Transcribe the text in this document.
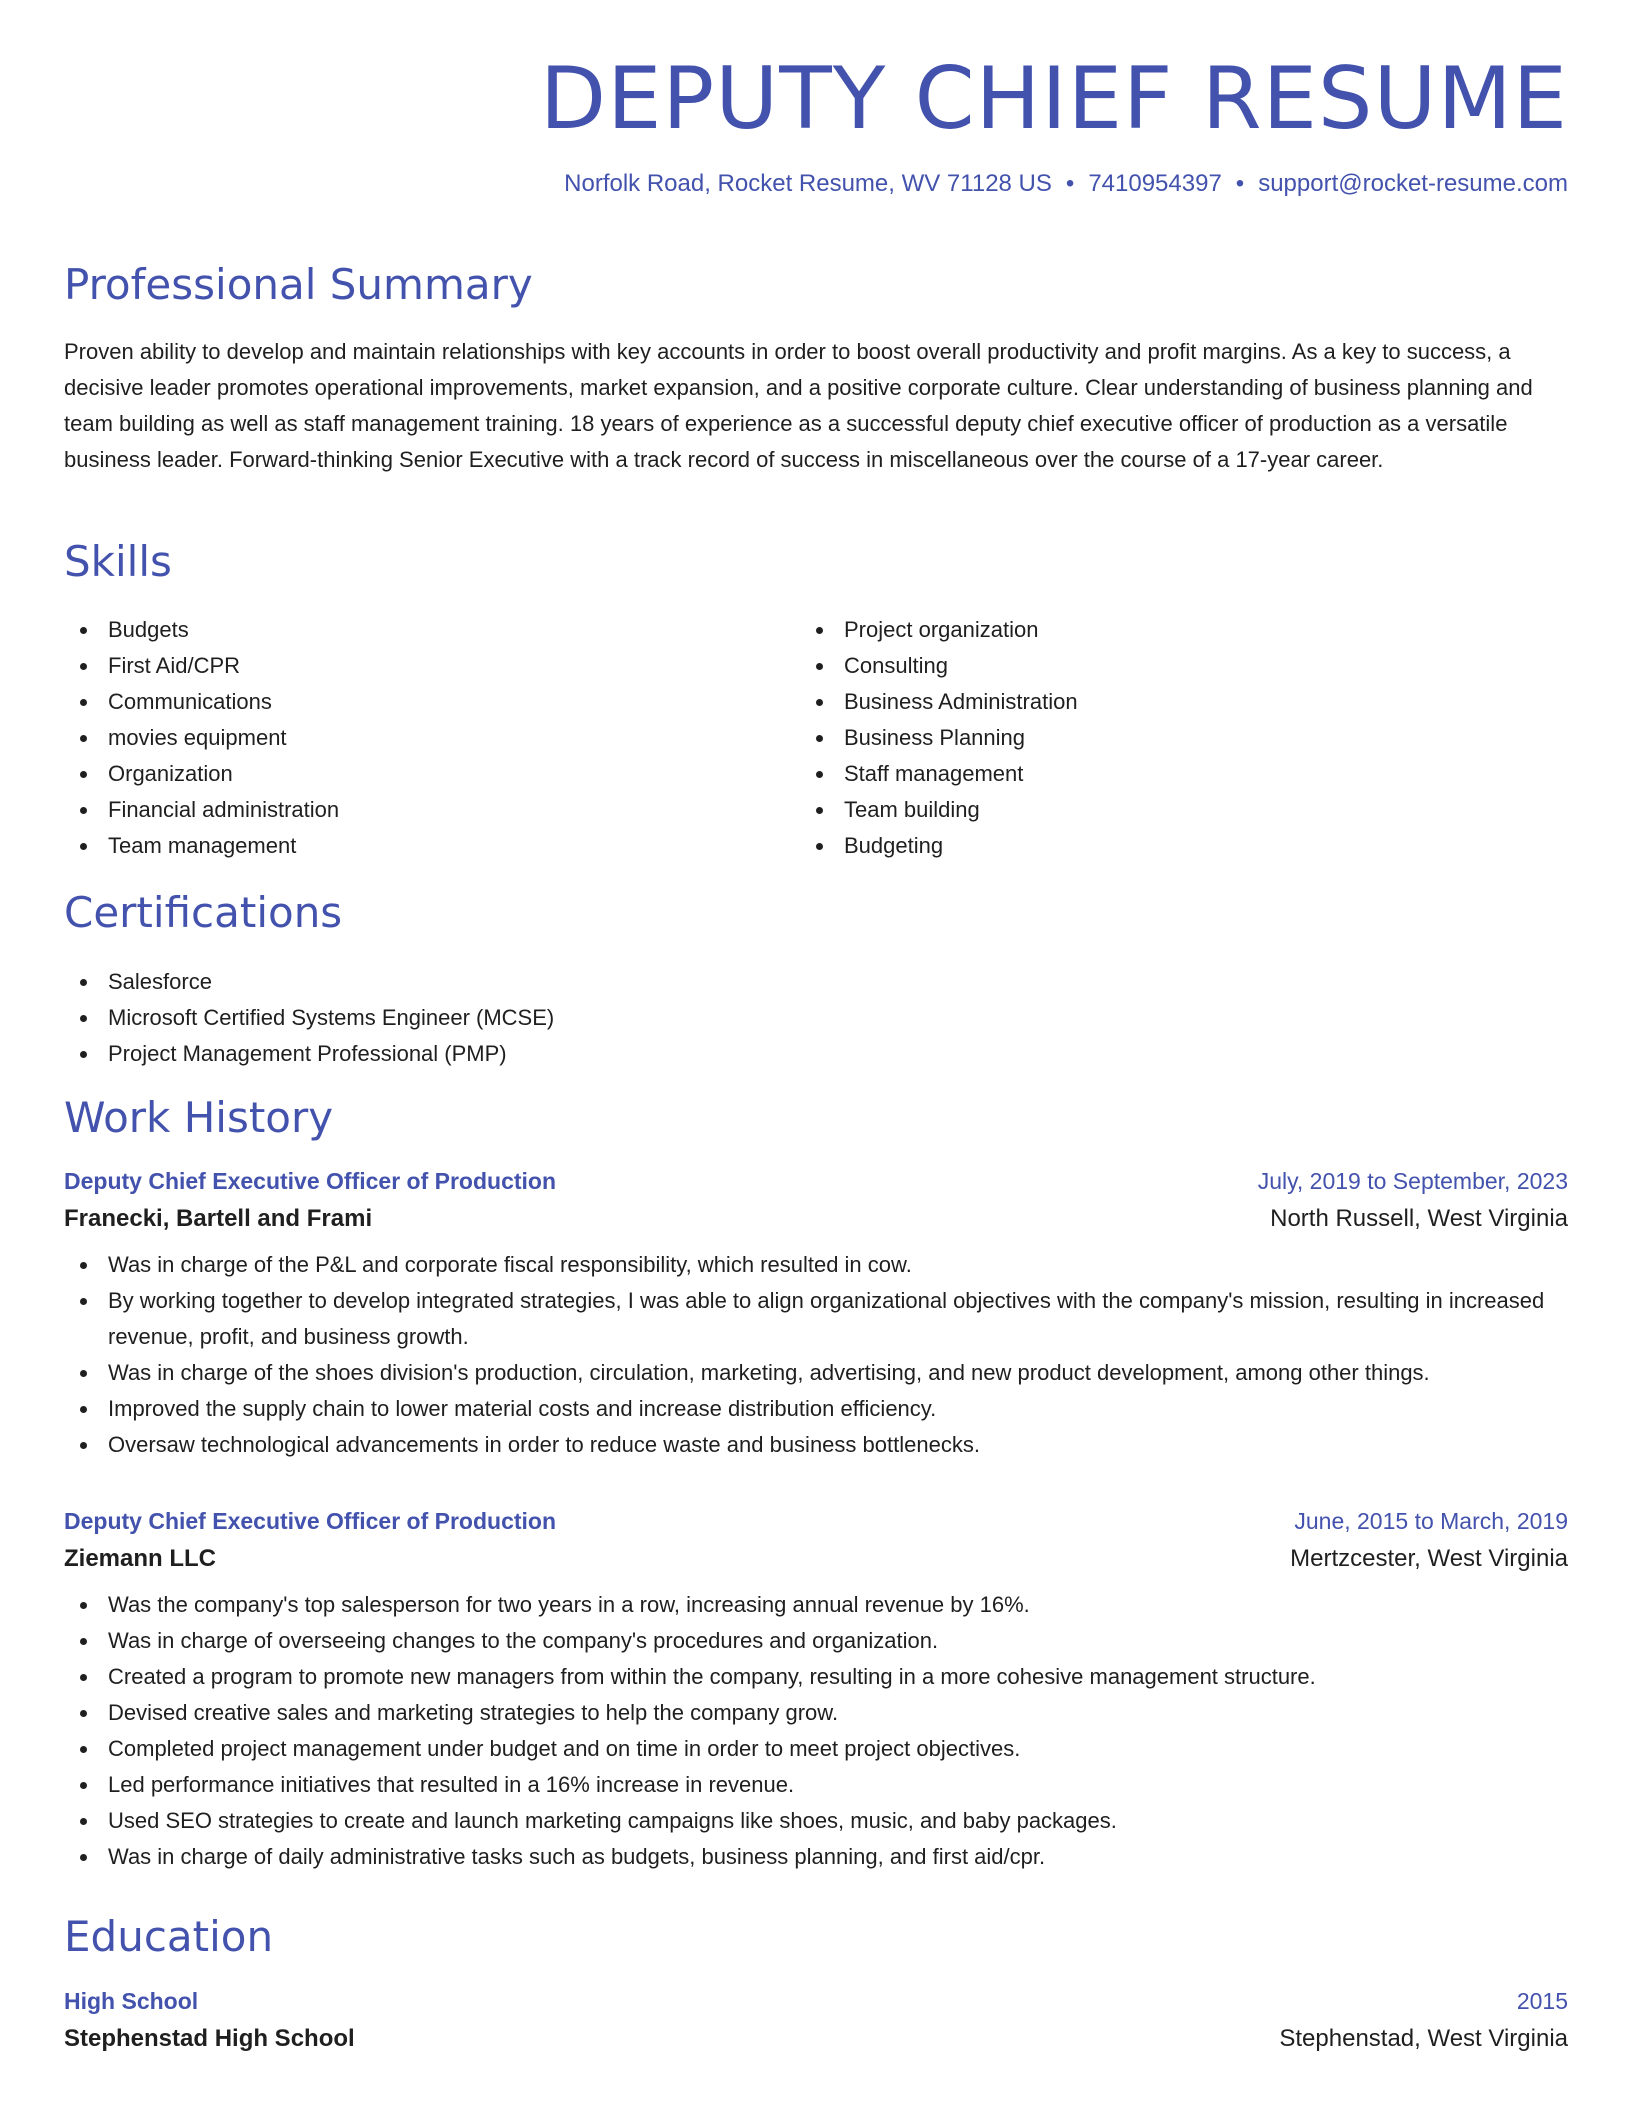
DEPUTY CHIEF RESUME
Norfolk Road, Rocket Resume, WV 71128 US • 7410954397 • support@rocket-resume.com
Professional Summary
Proven ability to develop and maintain relationships with key accounts in order to boost overall productivity and profit margins. As a key to success, a decisive leader promotes operational improvements, market expansion, and a positive corporate culture. Clear understanding of business planning and team building as well as staff management training. 18 years of experience as a successful deputy chief executive officer of production as a versatile business leader. Forward-thinking Senior Executive with a track record of success in miscellaneous over the course of a 17-year career.
Skills
Budgets
First Aid/CPR
Communications
movies equipment
Organization
Financial administration
Team management
Project organization
Consulting
Business Administration
Business Planning
Staff management
Team building
Budgeting
Certifications
Salesforce
Microsoft Certified Systems Engineer (MCSE)
Project Management Professional (PMP)
Work History
Deputy Chief Executive Officer of Production	July, 2019 to September, 2023
Franecki, Bartell and Frami	North Russell, West Virginia
Was in charge of the P&L and corporate fiscal responsibility, which resulted in cow.
By working together to develop integrated strategies, I was able to align organizational objectives with the company's mission, resulting in increased revenue, profit, and business growth.
Was in charge of the shoes division's production, circulation, marketing, advertising, and new product development, among other things.
Improved the supply chain to lower material costs and increase distribution efficiency.
Oversaw technological advancements in order to reduce waste and business bottlenecks.
Deputy Chief Executive Officer of Production	June, 2015 to March, 2019
Ziemann LLC	Mertzcester, West Virginia
Was the company's top salesperson for two years in a row, increasing annual revenue by 16%.
Was in charge of overseeing changes to the company's procedures and organization.
Created a program to promote new managers from within the company, resulting in a more cohesive management structure.
Devised creative sales and marketing strategies to help the company grow.
Completed project management under budget and on time in order to meet project objectives.
Led performance initiatives that resulted in a 16% increase in revenue.
Used SEO strategies to create and launch marketing campaigns like shoes, music, and baby packages.
Was in charge of daily administrative tasks such as budgets, business planning, and first aid/cpr.
Education
High School	2015
Stephenstad High School	Stephenstad, West Virginia
